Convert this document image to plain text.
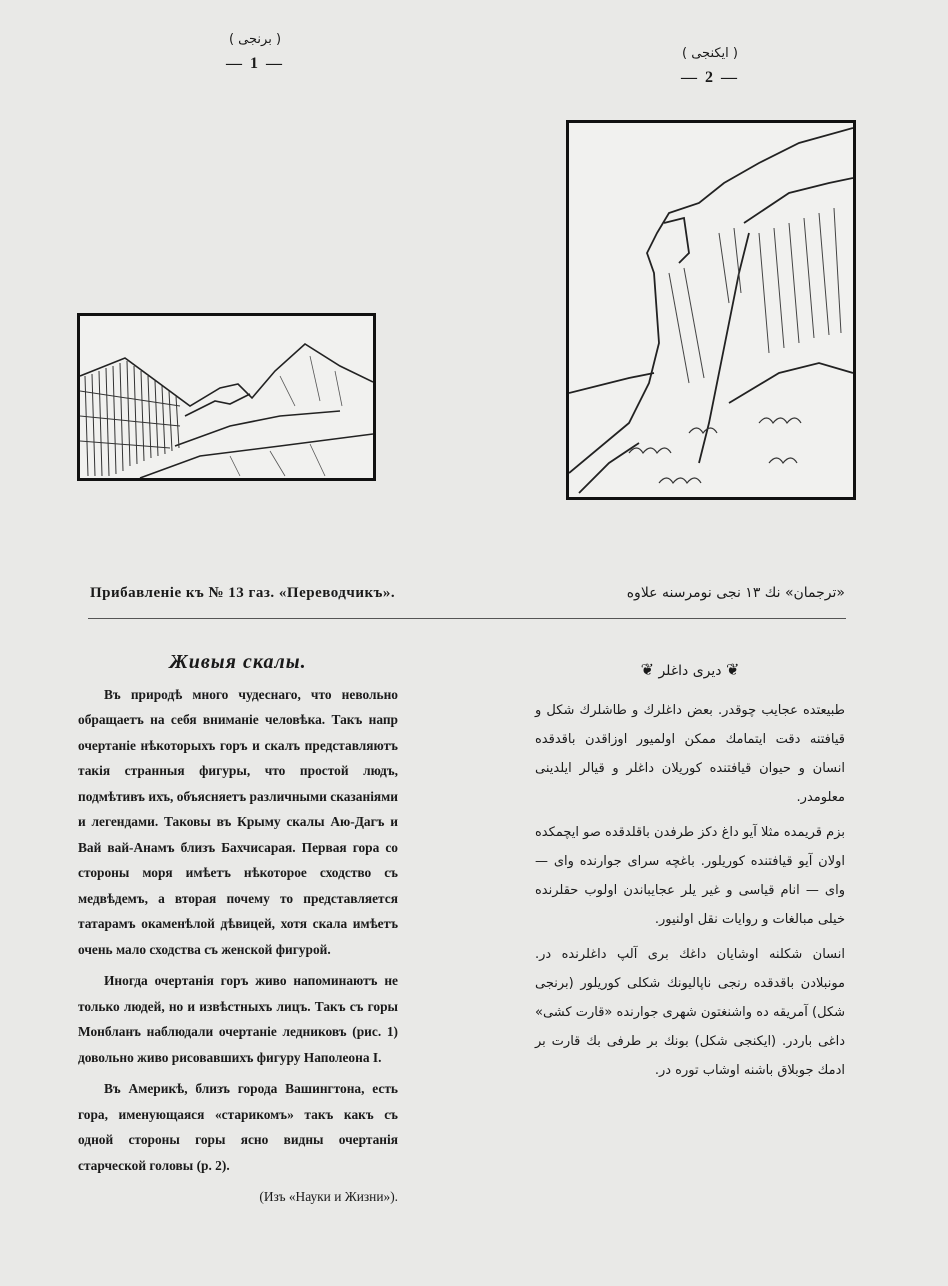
( برنجی )
— 1 —
( ایکنجی )
— 2 —
Прибавленіе къ № 13 газ. «Переводчикъ».	«ترجمان» نك ١٣ نجی نومرسنه علاوه
Живыя скалы.

Въ природѣ много чудеснаго, что невольно обращаетъ на себя вниманіе человѣка. Такъ напр очертаніе нѣкоторыхъ горъ и скалъ представляютъ такія странныя фигуры, что простой людъ, подмѣтивъ ихъ, объясняетъ различными сказаніями и легендами. Таковы въ Крыму скалы Аю-Дагъ и Вай вай-Анамъ близъ Бахчисарая. Первая гора со стороны моря имѣетъ нѣкоторое сходство съ медвѣдемъ, а вторая почему то представляется татарамъ окаменѣлой дѣвицей, хотя скала имѣетъ очень мало сходства съ женской фигурой.

Иногда очертанія горъ живо напоминаютъ не только людей, но и извѣстныхъ лицъ. Такъ съ горы Монбланъ наблюдали очертаніе ледниковъ (рис. 1) довольно живо рисовавшихъ фигуру Наполеона I.

Въ Америкѣ, близъ города Вашингтона, есть гора, именующаяся «старикомъ» такъ какъ съ одной стороны горы ясно видны очертанія старческой головы (р. 2).

(Изъ «Науки и Жизни»).

❦ دیری داغلر ❦

طبیعتده عجایب چوقدر. بعض داغلرك و طاشلرك شكل و قیافتنه دقت ایتمامك ممكن اولمیور اوزاقدن باقدقده انسان و حیوان قیافتنده كوریلان داغلر و قیالر ایلدینی معلومدر.

بزم قریمده مثلا آیو داغ دكز طرفدن باقلدقده صو ایچمكده اولان آیو قیافتنده كوریلور. باغچه سرای جوارنده وای — وای — انام قیاسی و غیر یلر عجایباندن اولوب حقلرنده خیلی مبالغات و روایات نقل اولنیور.

انسان شكلنه اوشایان داغك بری آلپ داغلرنده در. مونبلادن باقدقده رنجی ناپالیونك شكلی كوریلور (برنجی شكل) آمریقه ده واشنغتون شهری جوارنده «قارت كشی» داغی باردر. (ایكنجی شكل) بونك بر طرفی بك قارت بر ادمك جوبلاق باشنه اوشاب توره در.
